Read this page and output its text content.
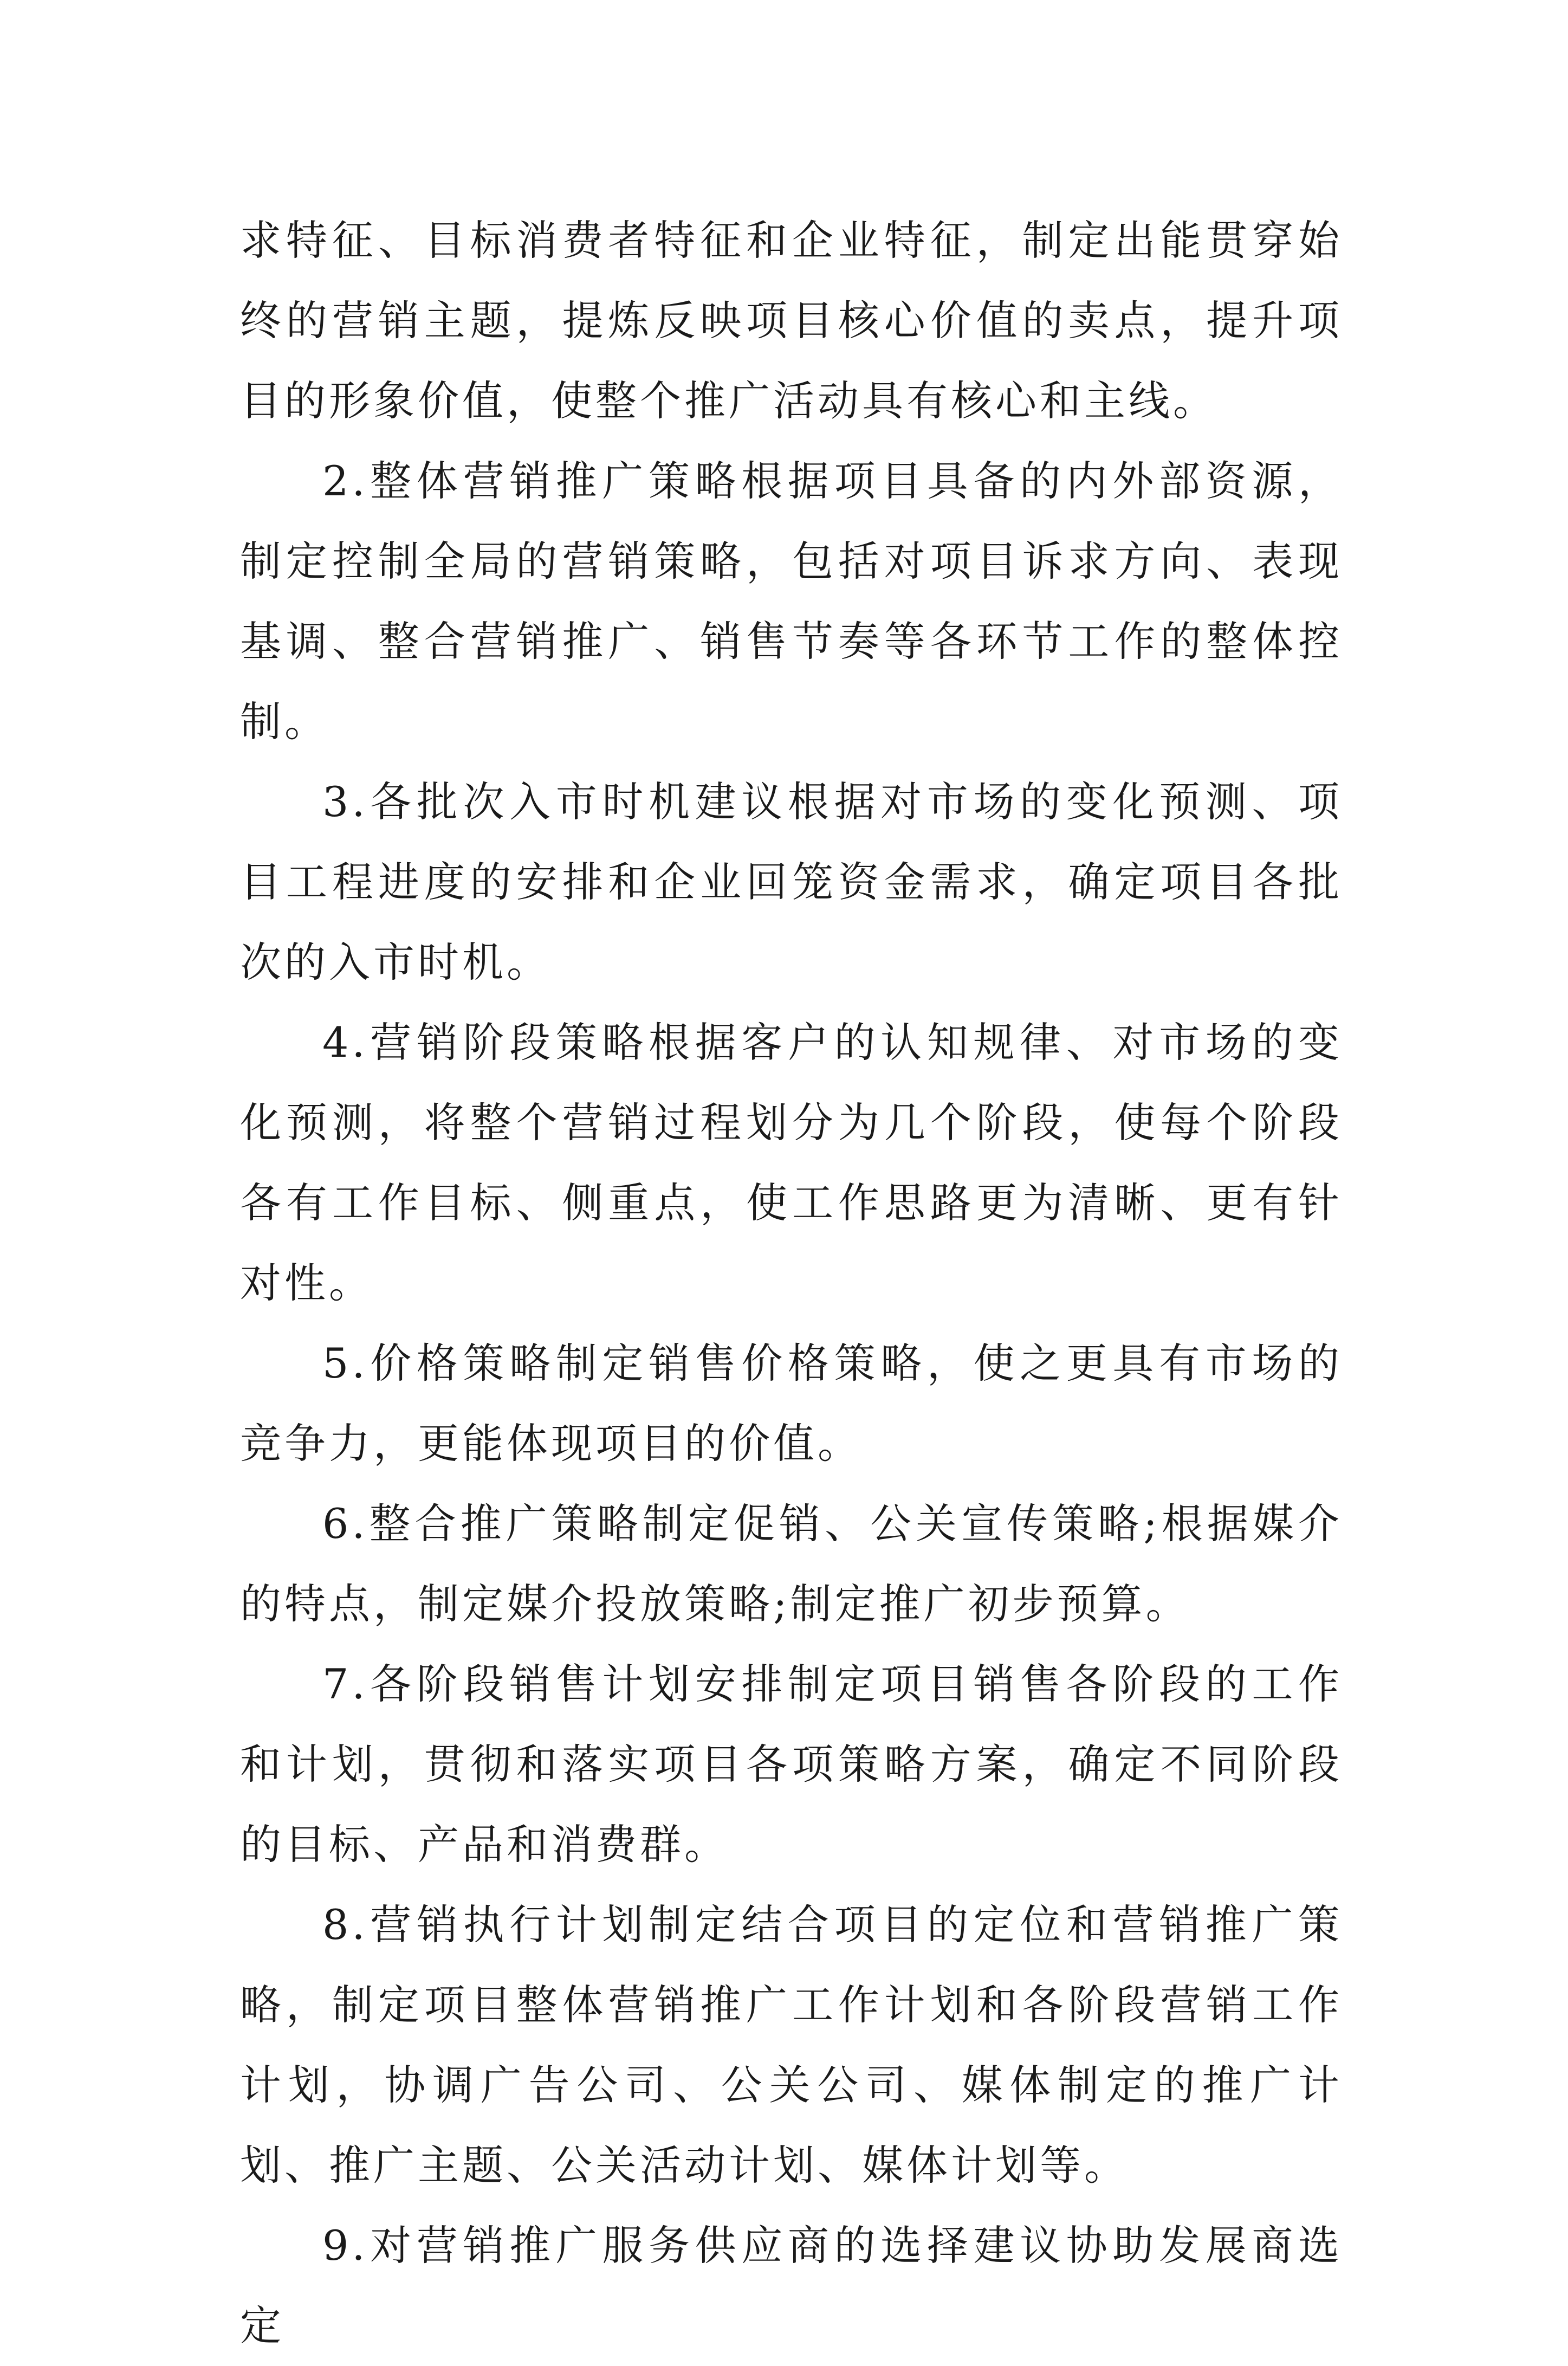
求特征、目标消费者特征和企业特征，制定出能贯穿始终的营销主题，提炼反映项目核心价值的卖点，提升项目的形象价值，使整个推广活动具有核心和主线。

2.整体营销推广策略根据项目具备的内外部资源，制定控制全局的营销策略，包括对项目诉求方向、表现基调、整合营销推广、销售节奏等各环节工作的整体控制。

3.各批次入市时机建议根据对市场的变化预测、项目工程进度的安排和企业回笼资金需求，确定项目各批次的入市时机。

4.营销阶段策略根据客户的认知规律、对市场的变化预测，将整个营销过程划分为几个阶段，使每个阶段各有工作目标、侧重点，使工作思路更为清晰、更有针对性。

5.价格策略制定销售价格策略，使之更具有市场的竞争力，更能体现项目的价值。

6.整合推广策略制定促销、公关宣传策略;根据媒介的特点，制定媒介投放策略;制定推广初步预算。

7.各阶段销售计划安排制定项目销售各阶段的工作和计划，贯彻和落实项目各项策略方案，确定不同阶段的目标、产品和消费群。

8.营销执行计划制定结合项目的定位和营销推广策略，制定项目整体营销推广工作计划和各阶段营销工作计划，协调广告公司、公关公司、媒体制定的推广计划、推广主题、公关活动计划、媒体计划等。

9.对营销推广服务供应商的选择建议协助发展商选定
